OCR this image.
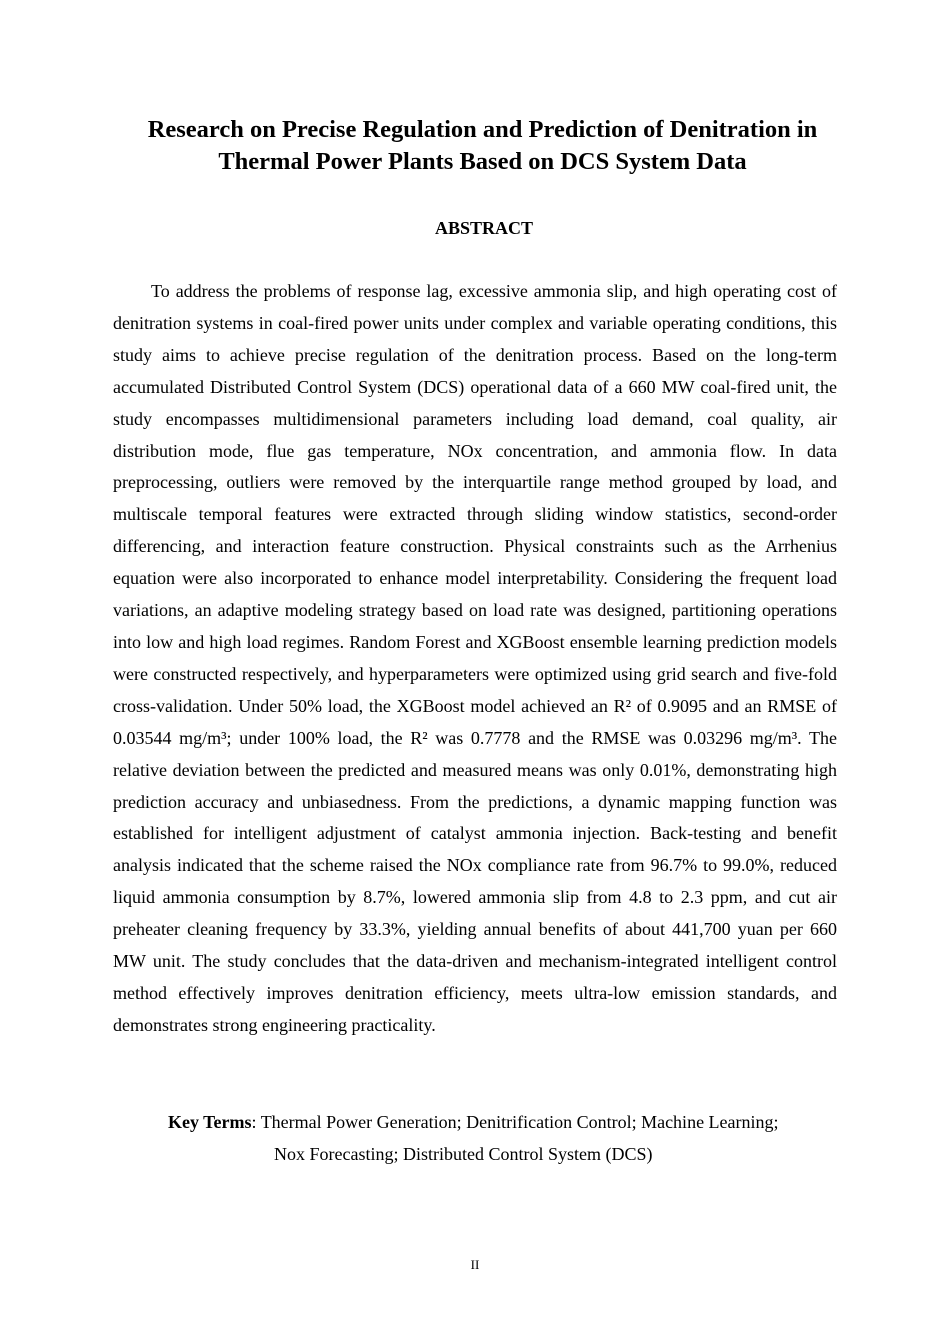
Research on Precise Regulation and Prediction of Denitration in
Thermal Power Plants Based on DCS System Data
ABSTRACT

To address the problems of response lag, excessive ammonia slip, and high operating cost of denitration systems in coal-fired power units under complex and variable operating conditions, this study aims to achieve precise regulation of the denitration process. Based on the long-term accumulated Distributed Control System (DCS) operational data of a 660 MW coal-fired unit, the study encompasses multidimensional parameters including load demand, coal quality, air distribution mode, flue gas temperature, NOx concentration, and ammonia flow. In data preprocessing, outliers were removed by the interquartile range method grouped by load, and multiscale temporal features were extracted through sliding window statistics, second-order differencing, and interaction feature construction. Physical constraints such as the Arrhenius equation were also incorporated to enhance model interpretability. Considering the frequent load variations, an adaptive modeling strategy based on load rate was designed, partitioning operations into low and high load regimes. Random Forest and XGBoost ensemble learning prediction models were constructed respectively, and hyperparameters were optimized using grid search and five-fold cross-validation. Under 50% load, the XGBoost model achieved an R² of 0.9095 and an RMSE of 0.03544 mg/m³; under 100% load, the R² was 0.7778 and the RMSE was 0.03296 mg/m³. The relative deviation between the predicted and measured means was only 0.01%, demonstrating high prediction accuracy and unbiasedness. From the predictions, a dynamic mapping function was established for intelligent adjustment of catalyst ammonia injection. Back-testing and benefit analysis indicated that the scheme raised the NOx compliance rate from 96.7% to 99.0%, reduced liquid ammonia consumption by 8.7%, lowered ammonia slip from 4.8 to 2.3 ppm, and cut air preheater cleaning frequency by 33.3%, yielding annual benefits of about 441,700 yuan per 660 MW unit. The study concludes that the data-driven and mechanism-integrated intelligent control method effectively improves denitration efficiency, meets ultra-low emission standards, and demonstrates strong engineering practicality.

Key Terms: Thermal Power Generation; Denitrification Control; Machine Learning;
Nox Forecasting; Distributed Control System (DCS)

II
